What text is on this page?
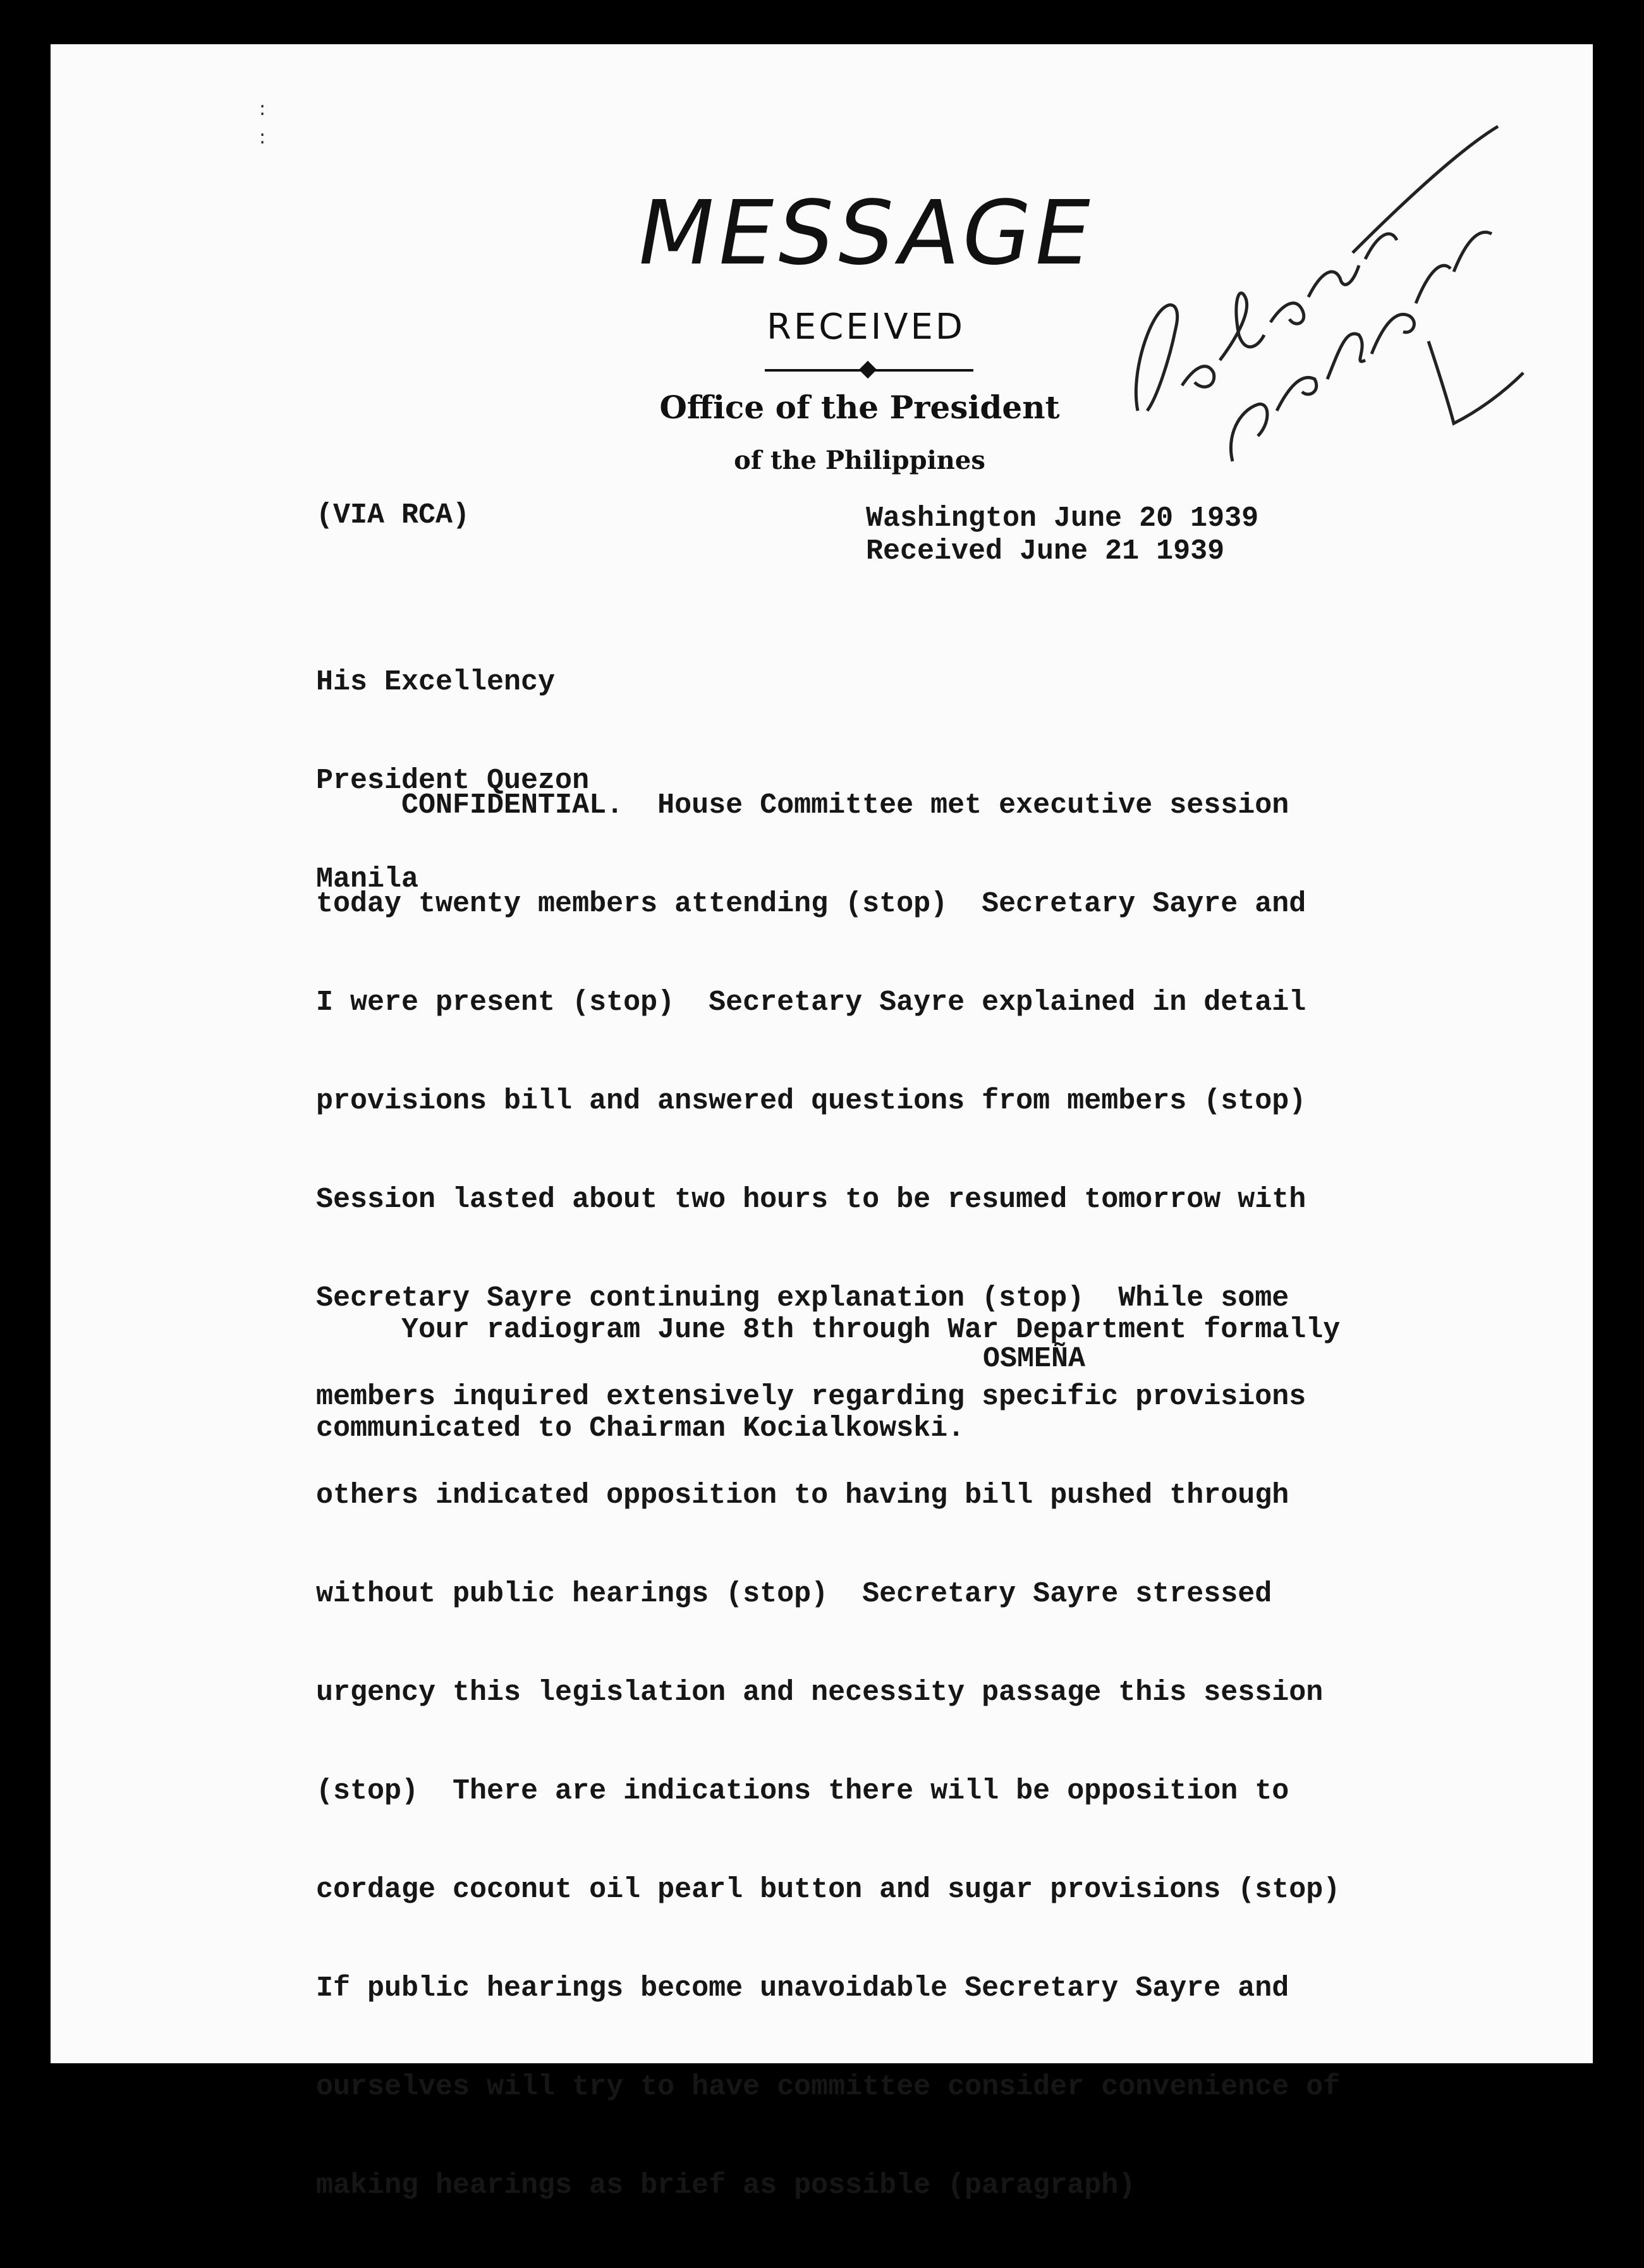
:
:
MESSAGE
RECEIVED
Office of the President
of the Philippines
(VIA RCA)	Washington June 20 1939
Received June 21 1939

His Excellency

President Quezon

Manila

CONFIDENTIAL.  House Committee met executive session

today twenty members attending (stop)  Secretary Sayre and

I were present (stop)  Secretary Sayre explained in detail

provisions bill and answered questions from members (stop)

Session lasted about two hours to be resumed tomorrow with

Secretary Sayre continuing explanation (stop)  While some

members inquired extensively regarding specific provisions

others indicated opposition to having bill pushed through

without public hearings (stop)  Secretary Sayre stressed

urgency this legislation and necessity passage this session

(stop)  There are indications there will be opposition to

cordage coconut oil pearl button and sugar provisions (stop)

If public hearings become unavoidable Secretary Sayre and

ourselves will try to have committee consider convenience of

making hearings as brief as possible (paragraph)

Your radiogram June 8th through War Department formally

communicated to Chairman Kocialkowski.

OSMEÑA
